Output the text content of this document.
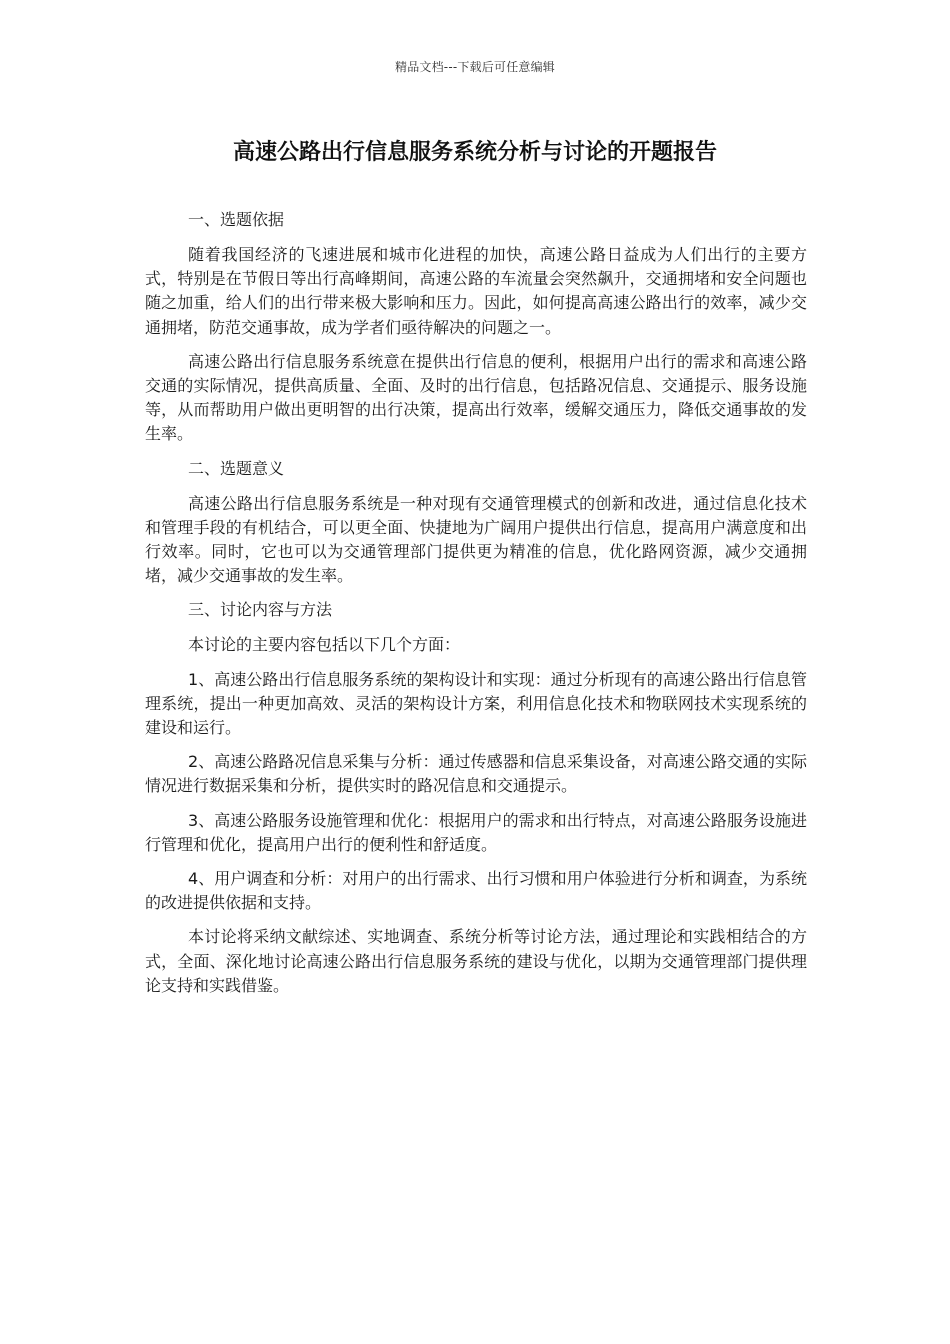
精品文档---下载后可任意编辑
高速公路出行信息服务系统分析与讨论的开题报告

一、选题依据

随着我国经济的飞速进展和城市化进程的加快，高速公路日益成为人们出行的主要方式，特别是在节假日等出行高峰期间，高速公路的车流量会突然飙升，交通拥堵和安全问题也随之加重，给人们的出行带来极大影响和压力。因此，如何提高高速公路出行的效率，减少交通拥堵，防范交通事故，成为学者们亟待解决的问题之一。

高速公路出行信息服务系统意在提供出行信息的便利，根据用户出行的需求和高速公路交通的实际情况，提供高质量、全面、及时的出行信息，包括路况信息、交通提示、服务设施等，从而帮助用户做出更明智的出行决策，提高出行效率，缓解交通压力，降低交通事故的发生率。

二、选题意义

高速公路出行信息服务系统是一种对现有交通管理模式的创新和改进，通过信息化技术和管理手段的有机结合，可以更全面、快捷地为广阔用户提供出行信息，提高用户满意度和出行效率。同时，它也可以为交通管理部门提供更为精准的信息，优化路网资源，减少交通拥堵，减少交通事故的发生率。

三、讨论内容与方法

本讨论的主要内容包括以下几个方面：

1、高速公路出行信息服务系统的架构设计和实现：通过分析现有的高速公路出行信息管理系统，提出一种更加高效、灵活的架构设计方案，利用信息化技术和物联网技术实现系统的建设和运行。

2、高速公路路况信息采集与分析：通过传感器和信息采集设备，对高速公路交通的实际情况进行数据采集和分析，提供实时的路况信息和交通提示。

3、高速公路服务设施管理和优化：根据用户的需求和出行特点，对高速公路服务设施进行管理和优化，提高用户出行的便利性和舒适度。

4、用户调查和分析：对用户的出行需求、出行习惯和用户体验进行分析和调查，为系统的改进提供依据和支持。

本讨论将采纳文献综述、实地调查、系统分析等讨论方法，通过理论和实践相结合的方式，全面、深化地讨论高速公路出行信息服务系统的建设与优化，以期为交通管理部门提供理论支持和实践借鉴。
